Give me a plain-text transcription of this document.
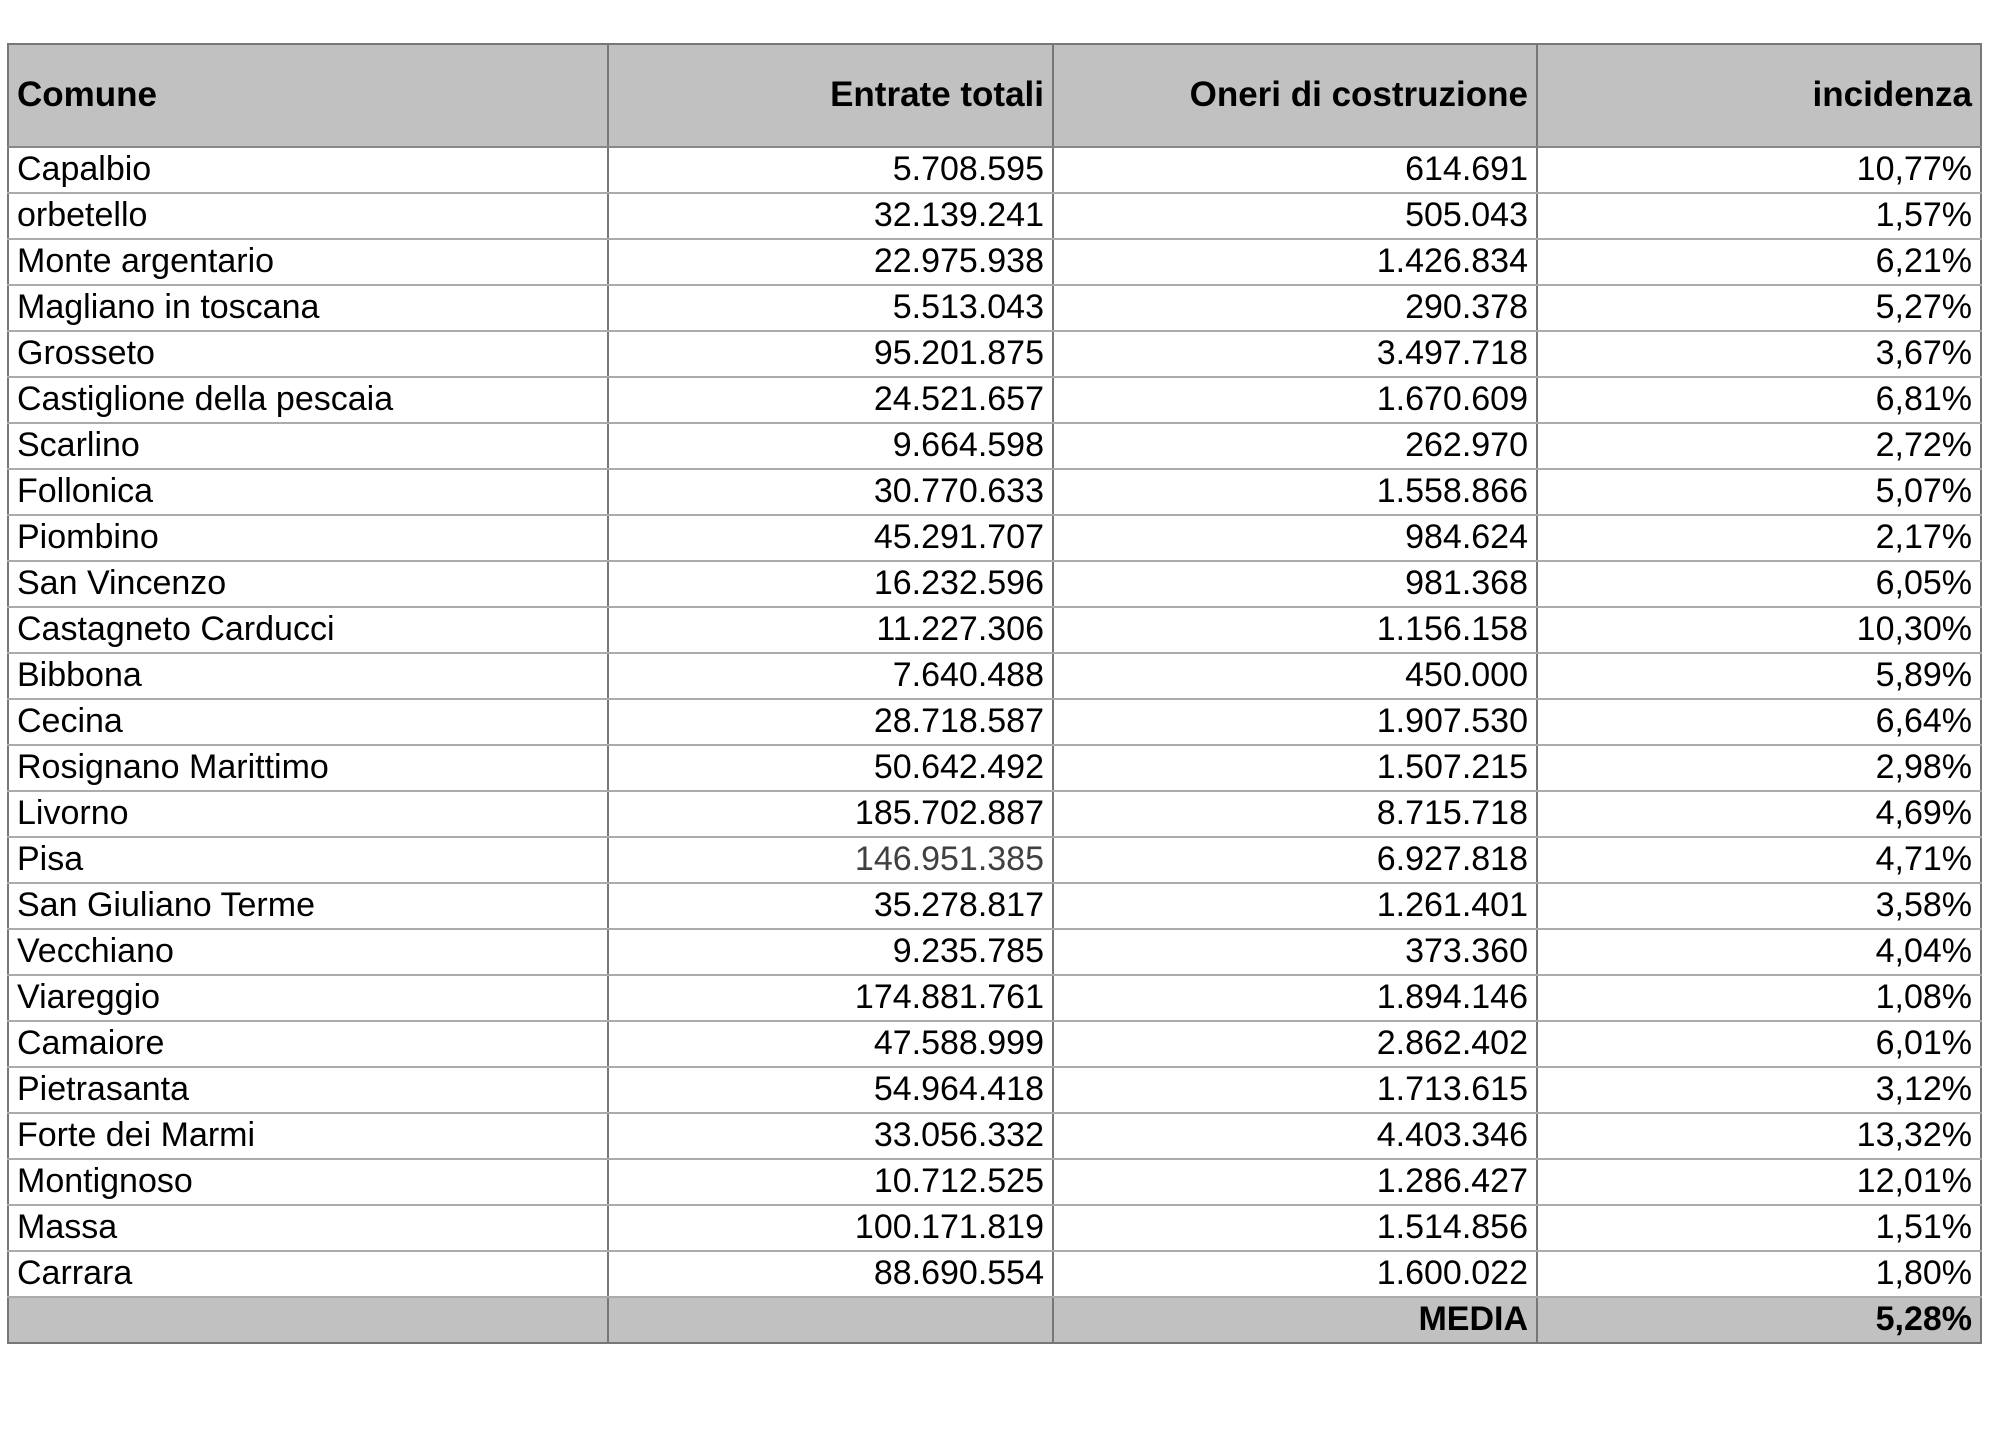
Comune	Entrate totali	Oneri di costruzione	incidenza
Capalbio	5.708.595	614.691	10,77%
orbetello	32.139.241	505.043	1,57%
Monte argentario	22.975.938	1.426.834	6,21%
Magliano in toscana	5.513.043	290.378	5,27%
Grosseto	95.201.875	3.497.718	3,67%
Castiglione della pescaia	24.521.657	1.670.609	6,81%
Scarlino	9.664.598	262.970	2,72%
Follonica	30.770.633	1.558.866	5,07%
Piombino	45.291.707	984.624	2,17%
San Vincenzo	16.232.596	981.368	6,05%
Castagneto Carducci	11.227.306	1.156.158	10,30%
Bibbona	7.640.488	450.000	5,89%
Cecina	28.718.587	1.907.530	6,64%
Rosignano Marittimo	50.642.492	1.507.215	2,98%
Livorno	185.702.887	8.715.718	4,69%
Pisa	146.951.385	6.927.818	4,71%
San Giuliano Terme	35.278.817	1.261.401	3,58%
Vecchiano	9.235.785	373.360	4,04%
Viareggio	174.881.761	1.894.146	1,08%
Camaiore	47.588.999	2.862.402	6,01%
Pietrasanta	54.964.418	1.713.615	3,12%
Forte dei Marmi	33.056.332	4.403.346	13,32%
Montignoso	10.712.525	1.286.427	12,01%
Massa	100.171.819	1.514.856	1,51%
Carrara	88.690.554	1.600.022	1,80%
		MEDIA	5,28%
